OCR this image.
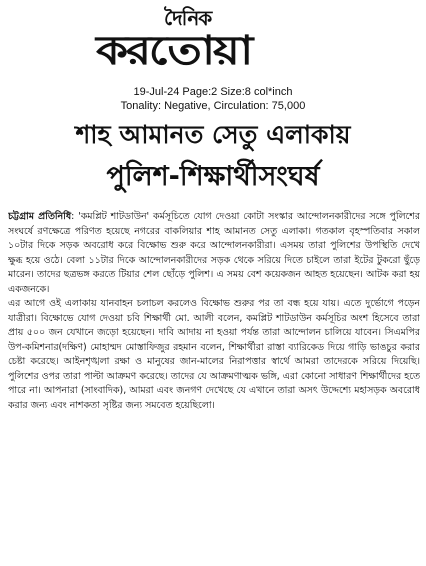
দৈনিক
করতোয়া
19-Jul-24 Page:2 Size:8 col*inch
Tonality: Negative, Circulation: 75,000
শাহ আমানত সেতু এলাকায়
পুলিশ-শিক্ষার্থীসংঘর্ষ

চট্টগ্রাম প্রতিনিধি: 'কমপ্লিট শাটডাউন' কর্মসূচিতে যোগ দেওয়া কোটা সংস্কার আন্দোলনকারীদের সঙ্গে পুলিশের সংঘর্ষে রণক্ষেত্রে পরিণত হয়েছে নগরের বাকলিয়ার শাহ আমানত সেতু এলাকা। গতকাল বৃহস্পতিবার সকাল ১০টার দিকে সড়ক অবরোধ করে বিক্ষোভ শুরু করে আন্দোলনকারীরা। এসময় তারা পুলিশের উপস্থিতি দেখে ক্ষুব্ধ হয়ে ওঠে। বেলা ১১টার দিকে আন্দোলনকারীদের সড়ক থেকে সরিয়ে দিতে চাইলে তারা ইটের টুকরো ছুঁড়ে মারেন। তাদের ছত্রভঙ্গ করতে টিয়ার শেল ছোঁড়ে পুলিশ। এ সময় বেশ কয়েকজন আহত হয়েছেন। আটক করা হয় একজনকে।

এর আগে ওই এলাকায় যানবাহন চলাচল করলেও বিক্ষোভ শুরুর পর তা বন্ধ হয়ে যায়। এতে দুর্ভোগে পড়েন যাত্রীরা। বিক্ষোভে যোগ দেওয়া চবি শিক্ষার্থী মো. আলী বলেন, কমপ্লিট শাটডাউন কর্মসূচির অংশ হিসেবে তারা প্রায় ৫০০ জন যেখানে জড়ো হয়েছেন। দাবি আদায় না হওয়া পর্যন্ত তারা আন্দোলন চালিয়ে যাবেন। সিএমপির উপ-কমিশনার(দক্ষিণ) মোহাম্মদ মোস্তাফিজুর রহমান বলেন, শিক্ষার্থীরা রাস্তা ব্যারিকেড দিয়ে গাড়ি ভাঙচুর করার চেষ্টা করেছে। আইনশৃঙ্খলা রক্ষা ও মানুষের জান-মালের নিরাপত্তার স্বার্থে আমরা তাদেরকে সরিয়ে দিয়েছি। পুলিশের ওপর তারা পাল্টা আক্রমণ করেছে। তাদের যে আক্রমণাত্মক ভঙ্গি, এরা কোনো সাধারণ শিক্ষার্থীদের হতে পারে না। আপনারা (সাংবাদিক), আমরা এবং জনগণ দেখেছে যে এখানে তারা অসৎ উদ্দেশ্যে মহাসড়ক অবরোধ করার জন্য এবং নাশকতা সৃষ্টির জন্য সমবেত হয়েছিলো।
